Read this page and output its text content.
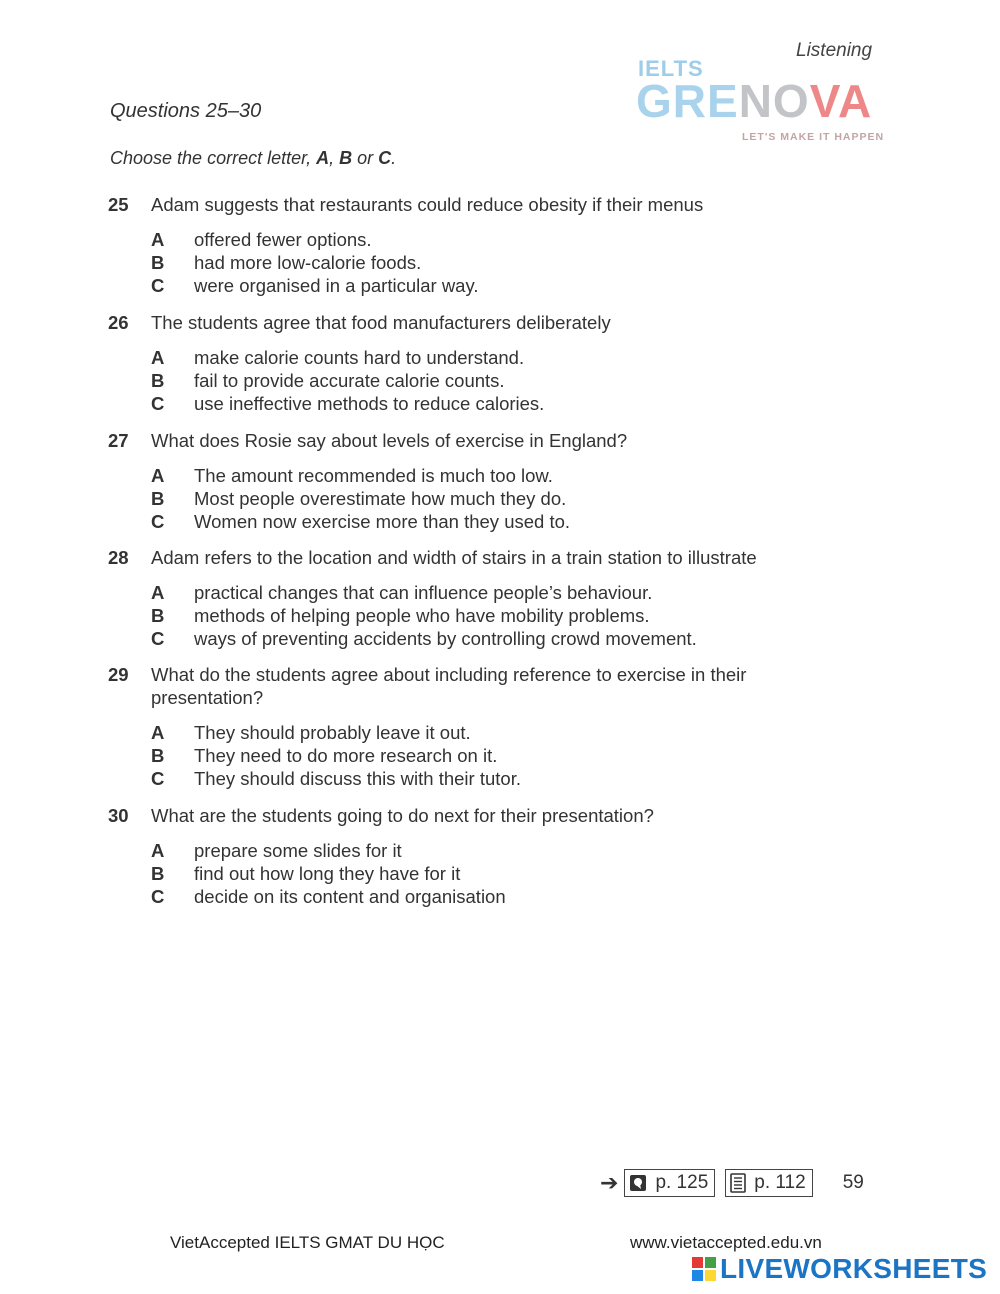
Listening
IELTS
GRENOVA
LET'S MAKE IT HAPPEN
Questions 25–30
Choose the correct letter, A, B or C.
25 Adam suggests that restaurants could reduce obesity if their menus
A offered fewer options.
B had more low-calorie foods.
C were organised in a particular way.
26 The students agree that food manufacturers deliberately
A make calorie counts hard to understand.
B fail to provide accurate calorie counts.
C use ineffective methods to reduce calories.
27 What does Rosie say about levels of exercise in England?
A The amount recommended is much too low.
B Most people overestimate how much they do.
C Women now exercise more than they used to.
28 Adam refers to the location and width of stairs in a train station to illustrate
A practical changes that can influence people’s behaviour.
B methods of helping people who have mobility problems.
C ways of preventing accidents by controlling crowd movement.
29 What do the students agree about including reference to exercise in their presentation?
A They should probably leave it out.
B They need to do more research on it.
C They should discuss this with their tutor.
30 What are the students going to do next for their presentation?
A prepare some slides for it
B find out how long they have for it
C decide on its content and organisation
➔ p. 125 p. 112 59
VietAccepted IELTS GMAT DU HỌC	www.vietaccepted.edu.vn
LIVEWORKSHEETS
